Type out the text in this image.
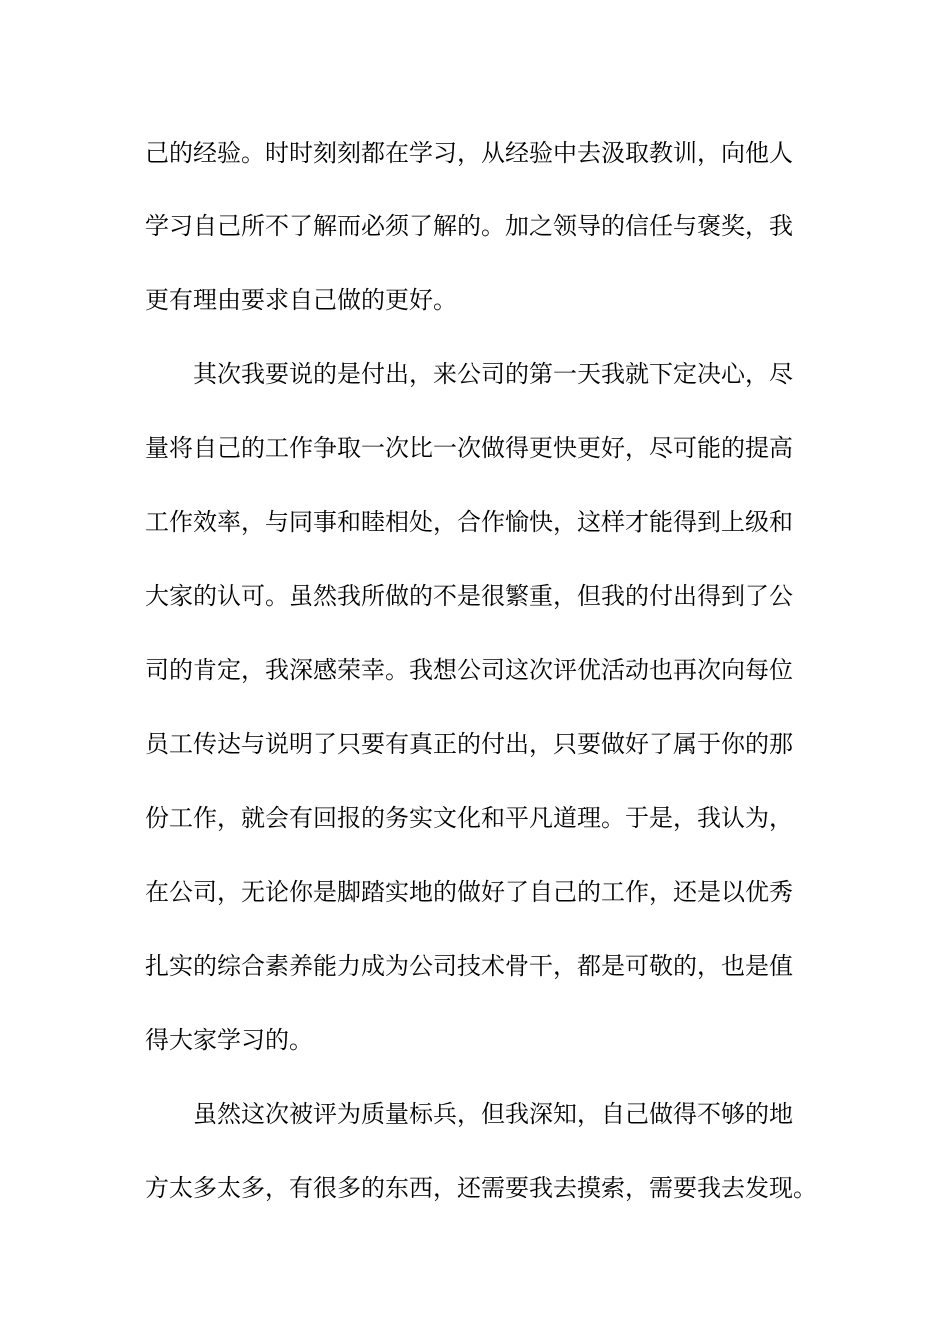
己的经验。时时刻刻都在学习，从经验中去汲取教训，向他人
学习自己所不了解而必须了解的。加之领导的信任与褒奖，我
更有理由要求自己做的更好。
其次我要说的是付出，来公司的第一天我就下定决心，尽
量将自己的工作争取一次比一次做得更快更好，尽可能的提高
工作效率，与同事和睦相处，合作愉快，这样才能得到上级和
大家的认可。虽然我所做的不是很繁重，但我的付出得到了公
司的肯定，我深感荣幸。我想公司这次评优活动也再次向每位
员工传达与说明了只要有真正的付出，只要做好了属于你的那
份工作，就会有回报的务实文化和平凡道理。于是，我认为，
在公司，无论你是脚踏实地的做好了自己的工作，还是以优秀
扎实的综合素养能力成为公司技术骨干，都是可敬的，也是值
得大家学习的。
虽然这次被评为质量标兵，但我深知，自己做得不够的地
方太多太多，有很多的东西，还需要我去摸索，需要我去发现。
